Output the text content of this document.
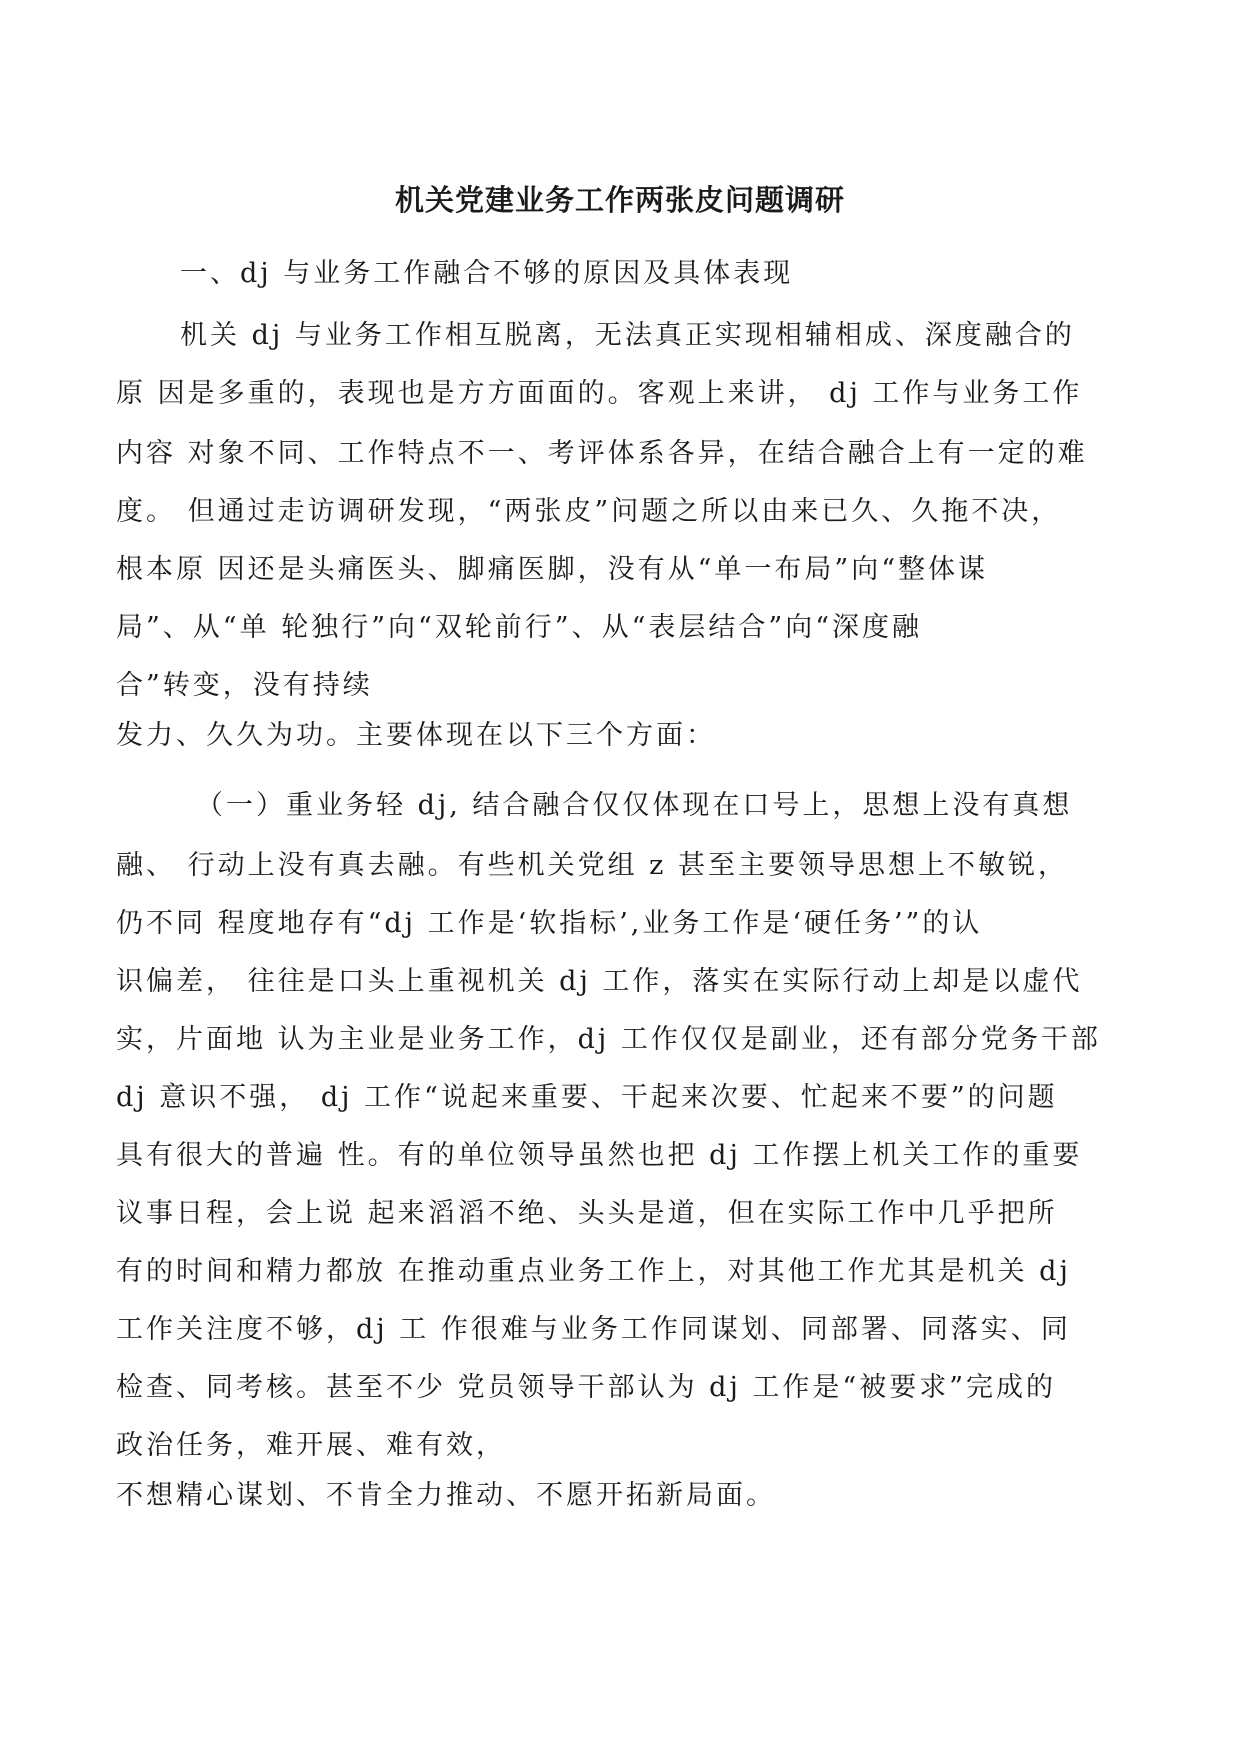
机关党建业务工作两张皮问题调研
一、dj 与业务工作融合不够的原因及具体表现
机关 dj 与业务工作相互脱离，无法真正实现相辅相成、深度融合的
原 因是多重的，表现也是方方面面的。客观上来讲， dj 工作与业务工作
内容 对象不同、工作特点不一、考评体系各异，在结合融合上有一定的难
度。 但通过走访调研发现，“两张皮”问题之所以由来已久、久拖不决，
根本原 因还是头痛医头、脚痛医脚，没有从“单一布局”向“整体谋
局”、从“单 轮独行”向“双轮前行”、从“表层结合”向“深度融
合”转变，没有持续
发力、久久为功。主要体现在以下三个方面：
（一）重业务轻 dj, 结合融合仅仅体现在口号上，思想上没有真想
融、 行动上没有真去融。有些机关党组 z 甚至主要领导思想上不敏锐，
仍不同 程度地存有“dj 工作是‘软指标’,业务工作是‘硬任务’”的认
识偏差， 往往是口头上重视机关 dj 工作，落实在实际行动上却是以虚代
实，片面地 认为主业是业务工作，dj 工作仅仅是副业，还有部分党务干部
dj 意识不强， dj 工作“说起来重要、干起来次要、忙起来不要”的问题
具有很大的普遍 性。有的单位领导虽然也把 dj 工作摆上机关工作的重要
议事日程，会上说 起来滔滔不绝、头头是道，但在实际工作中几乎把所
有的时间和精力都放 在推动重点业务工作上，对其他工作尤其是机关 dj
工作关注度不够，dj 工 作很难与业务工作同谋划、同部署、同落实、同
检查、同考核。甚至不少 党员领导干部认为 dj 工作是“被要求”完成的
政治任务，难开展、难有效，
不想精心谋划、不肯全力推动、不愿开拓新局面。
